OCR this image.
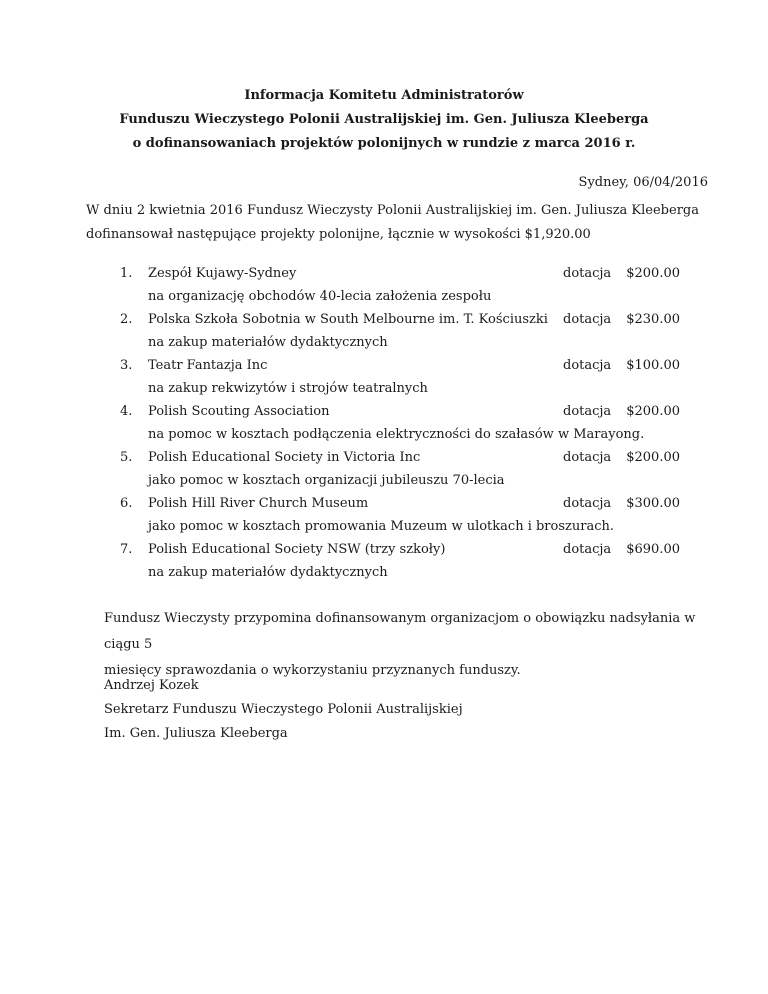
Informacja Komitetu Administratorów
Funduszu Wieczystego Polonii Australijskiej im. Gen. Juliusza Kleeberga
o dofinansowaniach projektów polonijnych w rundzie z marca 2016 r.
Sydney, 06/04/2016
W dniu 2 kwietnia 2016 Fundusz Wieczysty Polonii Australijskiej im. Gen. Juliusza Kleeberga
dofinansował następujące projekty polonijne, łącznie w wysokości $1,920.00
1.	Zespół Kujawy-Sydney	dotacja $200.00
na organizację obchodów 40-lecia założenia zespołu
2.	Polska Szkoła Sobotnia w South Melbourne im. T. Kościuszki dotacja $230.00
na zakup materiałów dydaktycznych
3.	Teatr Fantazja Inc	dotacja $100.00
na zakup rekwizytów i strojów teatralnych
4.	Polish Scouting Association	dotacja $200.00
na pomoc w kosztach podłączenia elektryczności do szałasów w Marayong.
5.	Polish Educational Society in Victoria Inc	dotacja $200.00
jako pomoc w kosztach organizacji jubileuszu 70-lecia
6.	Polish Hill River Church Museum	dotacja $300.00
jako pomoc w kosztach promowania Muzeum w ulotkach i broszurach.
7.	Polish Educational Society NSW (trzy szkoły)	dotacja $690.00
na zakup materiałów dydaktycznych
Fundusz Wieczysty przypomina dofinansowanym organizacjom o obowiązku nadsyłania w ciągu 5
miesięcy sprawozdania o wykorzystaniu przyznanych funduszy.
Andrzej Kozek
Sekretarz Funduszu Wieczystego Polonii Australijskiej
Im. Gen. Juliusza Kleeberga
